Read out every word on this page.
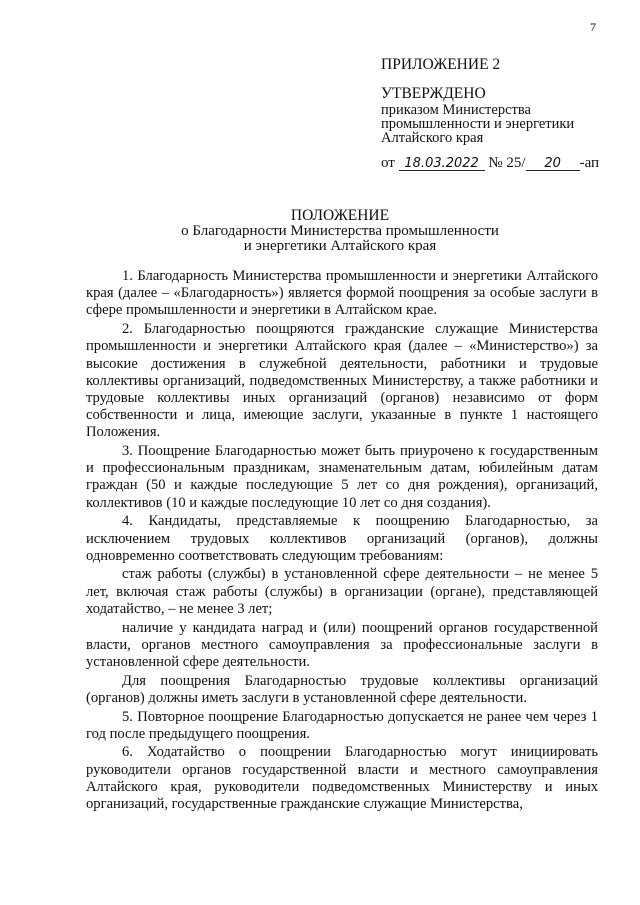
7
ПРИЛОЖЕНИЕ 2
УТВЕРЖДЕНО
приказом Министерства
промышленности и энергетики
Алтайского края
от 18.03.2022 № 25/ 20 -ап
ПОЛОЖЕНИЕ
о Благодарности Министерства промышленности
и энергетики Алтайского края

1. Благодарность Министерства промышленности и энергетики Алтайского края (далее – «Благодарность») является формой поощрения за особые заслуги в сфере промышленности и энергетики в Алтайском крае.

2. Благодарностью поощряются гражданские служащие Министерства промышленности и энергетики Алтайского края (далее – «Министерство») за высокие достижения в служебной деятельности, работники и трудовые коллективы организаций, подведомственных Министерству, а также работники и трудовые коллективы иных организаций (органов) независимо от форм собственности и лица, имеющие заслуги, указанные в пункте 1 настоящего Положения.

3. Поощрение Благодарностью может быть приурочено к государственным и профессиональным праздникам, знаменательным датам, юбилейным датам граждан (50 и каждые последующие 5 лет со дня рождения), организаций, коллективов (10 и каждые последующие 10 лет со дня создания).

4. Кандидаты, представляемые к поощрению Благодарностью, за исключением трудовых коллективов организаций (органов), должны одновременно соответствовать следующим требованиям:

стаж работы (службы) в установленной сфере деятельности – не менее 5 лет, включая стаж работы (службы) в организации (органе), представляющей ходатайство, – не менее 3 лет;

наличие у кандидата наград и (или) поощрений органов государственной власти, органов местного самоуправления за профессиональные заслуги в установленной сфере деятельности.

Для поощрения Благодарностью трудовые коллективы организаций (органов) должны иметь заслуги в установленной сфере деятельности.

5. Повторное поощрение Благодарностью допускается не ранее чем через 1 год после предыдущего поощрения.

6. Ходатайство о поощрении Благодарностью могут инициировать руководители органов государственной власти и местного самоуправления Алтайского края, руководители подведомственных Министерству и иных организаций, государственные гражданские служащие Министерства,
